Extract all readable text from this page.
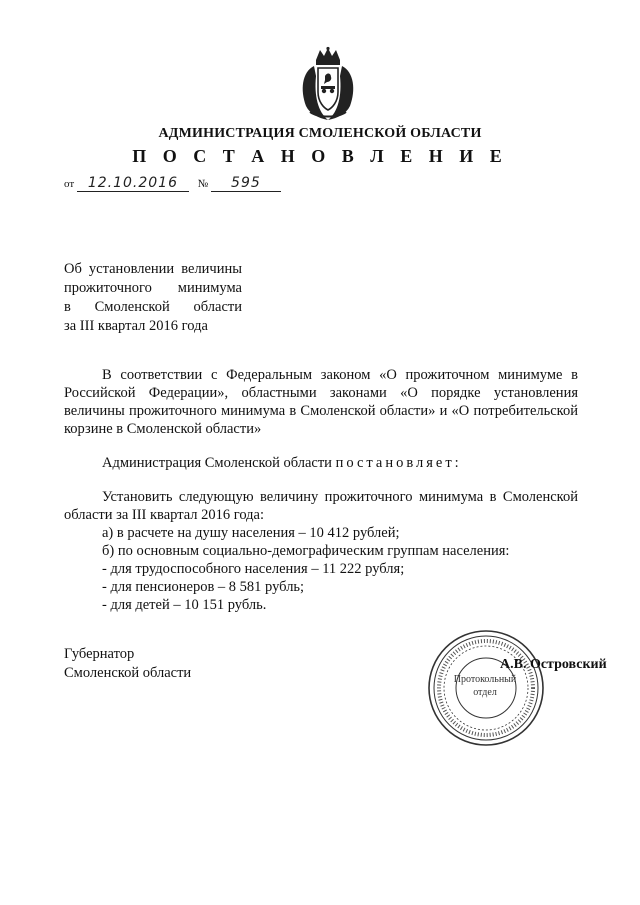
АДМИНИСТРАЦИЯ СМОЛЕНСКОЙ ОБЛАСТИ
П О С Т А Н О В Л Е Н И Е
от 12.10.2016 № 595
Об установлении величины
прожиточного минимума
в Смоленской области
за III квартал 2016 года
В соответствии с Федеральным законом «О прожиточном минимуме в Российской Федерации», областными законами «О порядке установления величины прожиточного минимума в Смоленской области» и «О потребительской корзине в Смоленской области»
Администрация Смоленской области постановляет:
Установить следующую величину прожиточного минимума в Смоленской области за III квартал 2016 года:
а) в расчете на душу населения – 10 412 рублей;
б) по основным социально-демографическим группам населения:
- для трудоспособного населения – 11 222 рубля;
- для пенсионеров – 8 581 рубль;
- для детей – 10 151 рубль.
Губернатор
Смоленской области	Протокольный
отдел
А.В. Островский
